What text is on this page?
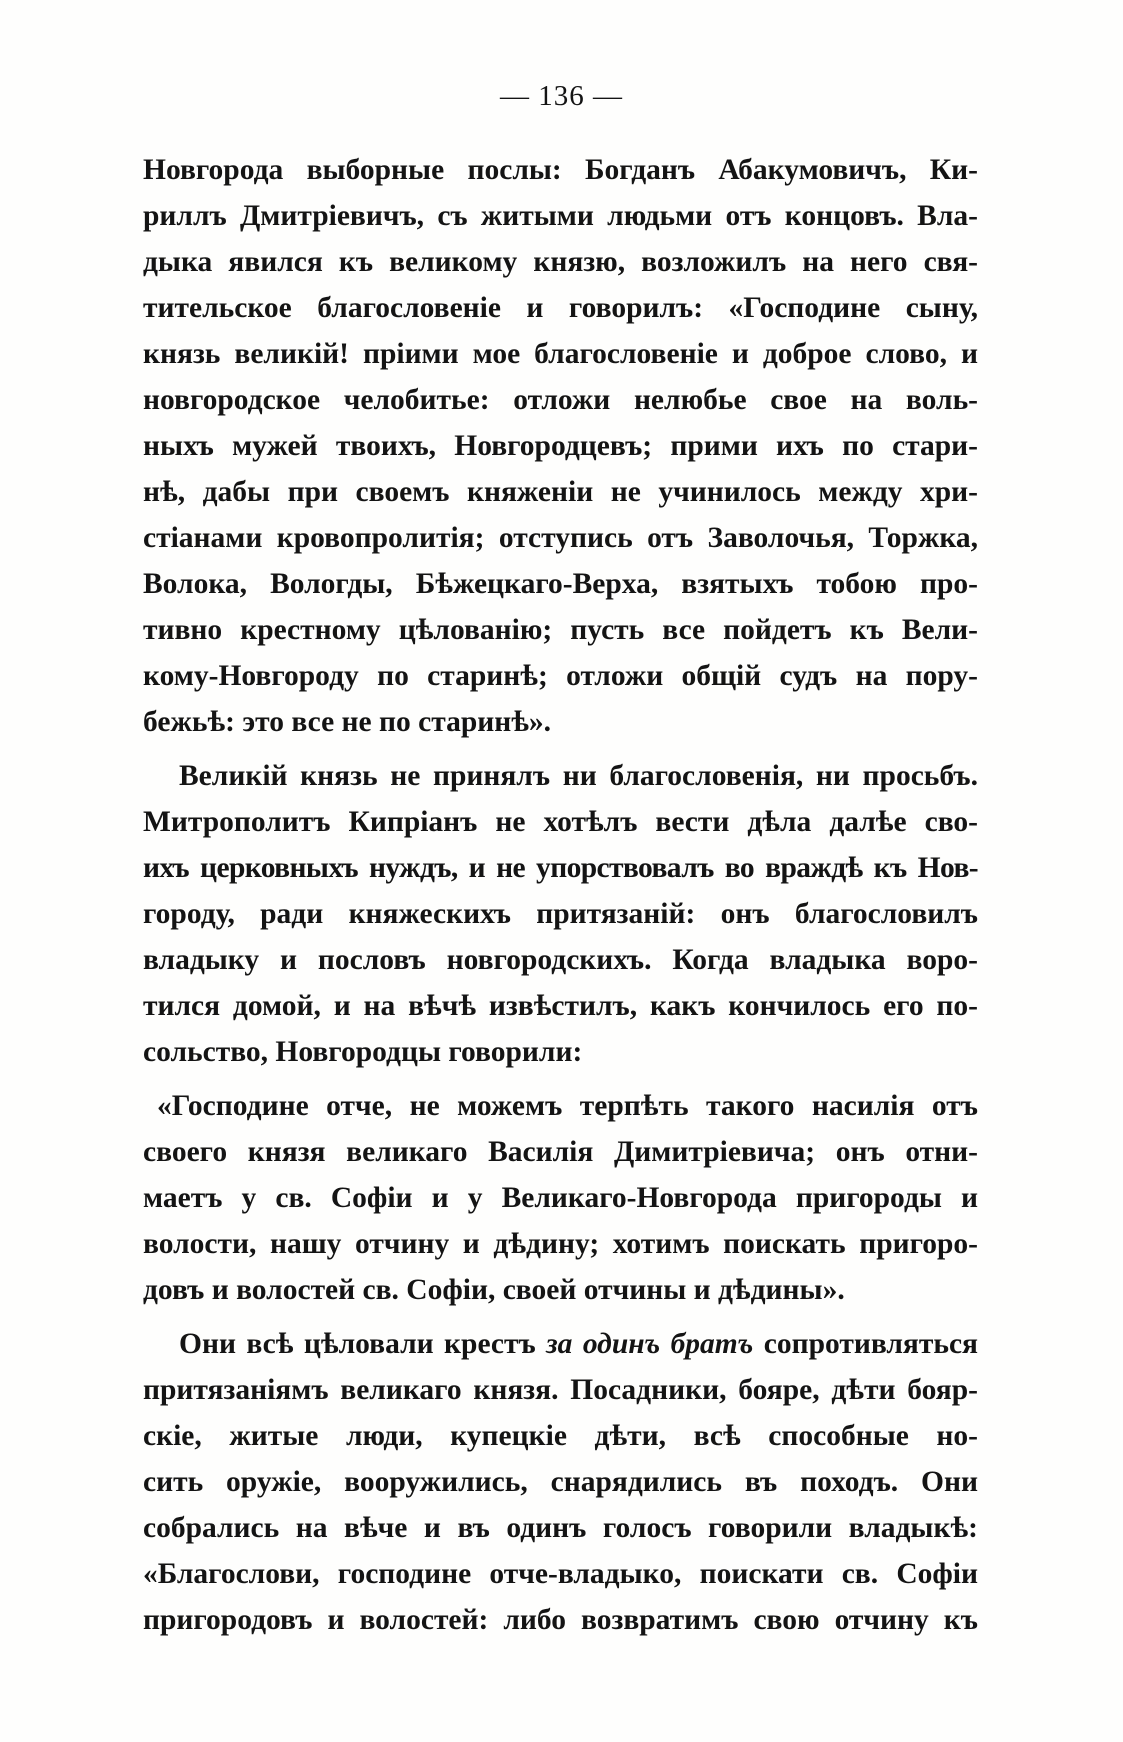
— 136 —
Новгорода выборные послы: Богданъ Абакумовичъ, Ки-
риллъ Дмитріевичъ, съ житыми людьми отъ концовъ. Вла-
дыка явился къ великому князю, возложилъ на него свя-
тительское благословеніе и говорилъ: «Господине сыну,
князь великій! пріими мое благословеніе и доброе слово, и
новгородское челобитье: отложи нелюбье свое на воль-
ныхъ мужей твоихъ, Новгородцевъ; прими ихъ по стари-
нѣ, дабы при своемъ княженіи не учинилось между хри-
стіанами кровопролитія; отступись отъ Заволочья, Торжка,
Волока, Вологды, Бѣжецкаго-Верха, взятыхъ тобою про-
тивно крестному цѣлованію; пусть все пойдетъ къ Вели-
кому-Новгороду по старинѣ; отложи общій судъ на пору-
бежьѣ: это все не по старинѣ».
Великій князь не принялъ ни благословенія, ни просьбъ.
Митрополитъ Кипріанъ не хотѣлъ вести дѣла далѣе сво-
ихъ церковныхъ нуждъ, и не упорствовалъ во враждѣ къ Нов-
городу, ради княжескихъ притязаній: онъ благословилъ
владыку и пословъ новгородскихъ. Когда владыка воро-
тился домой, и на вѣчѣ извѣстилъ, какъ кончилось его по-
сольство, Новгородцы говорили:
«Господине отче, не можемъ терпѣть такого насилія отъ
своего князя великаго Василія Димитріевича; онъ отни-
маетъ у св. Софіи и у Великаго-Новгорода пригороды и
волости, нашу отчину и дѣдину; хотимъ поискать пригоро-
довъ и волостей св. Софіи, своей отчины и дѣдины».
Они всѣ цѣловали крестъ за одинъ братъ сопротивляться
притязаніямъ великаго князя. Посадники, бояре, дѣти бояр-
скіе, житые люди, купецкіе дѣти, всѣ способные но-
сить оружіе, вооружились, снарядились въ походъ. Они
собрались на вѣче и въ одинъ голосъ говорили владыкѣ:
«Благослови, господине отче-владыко, поискати св. Софіи
пригородовъ и волостей: либо возвратимъ свою отчину къ
